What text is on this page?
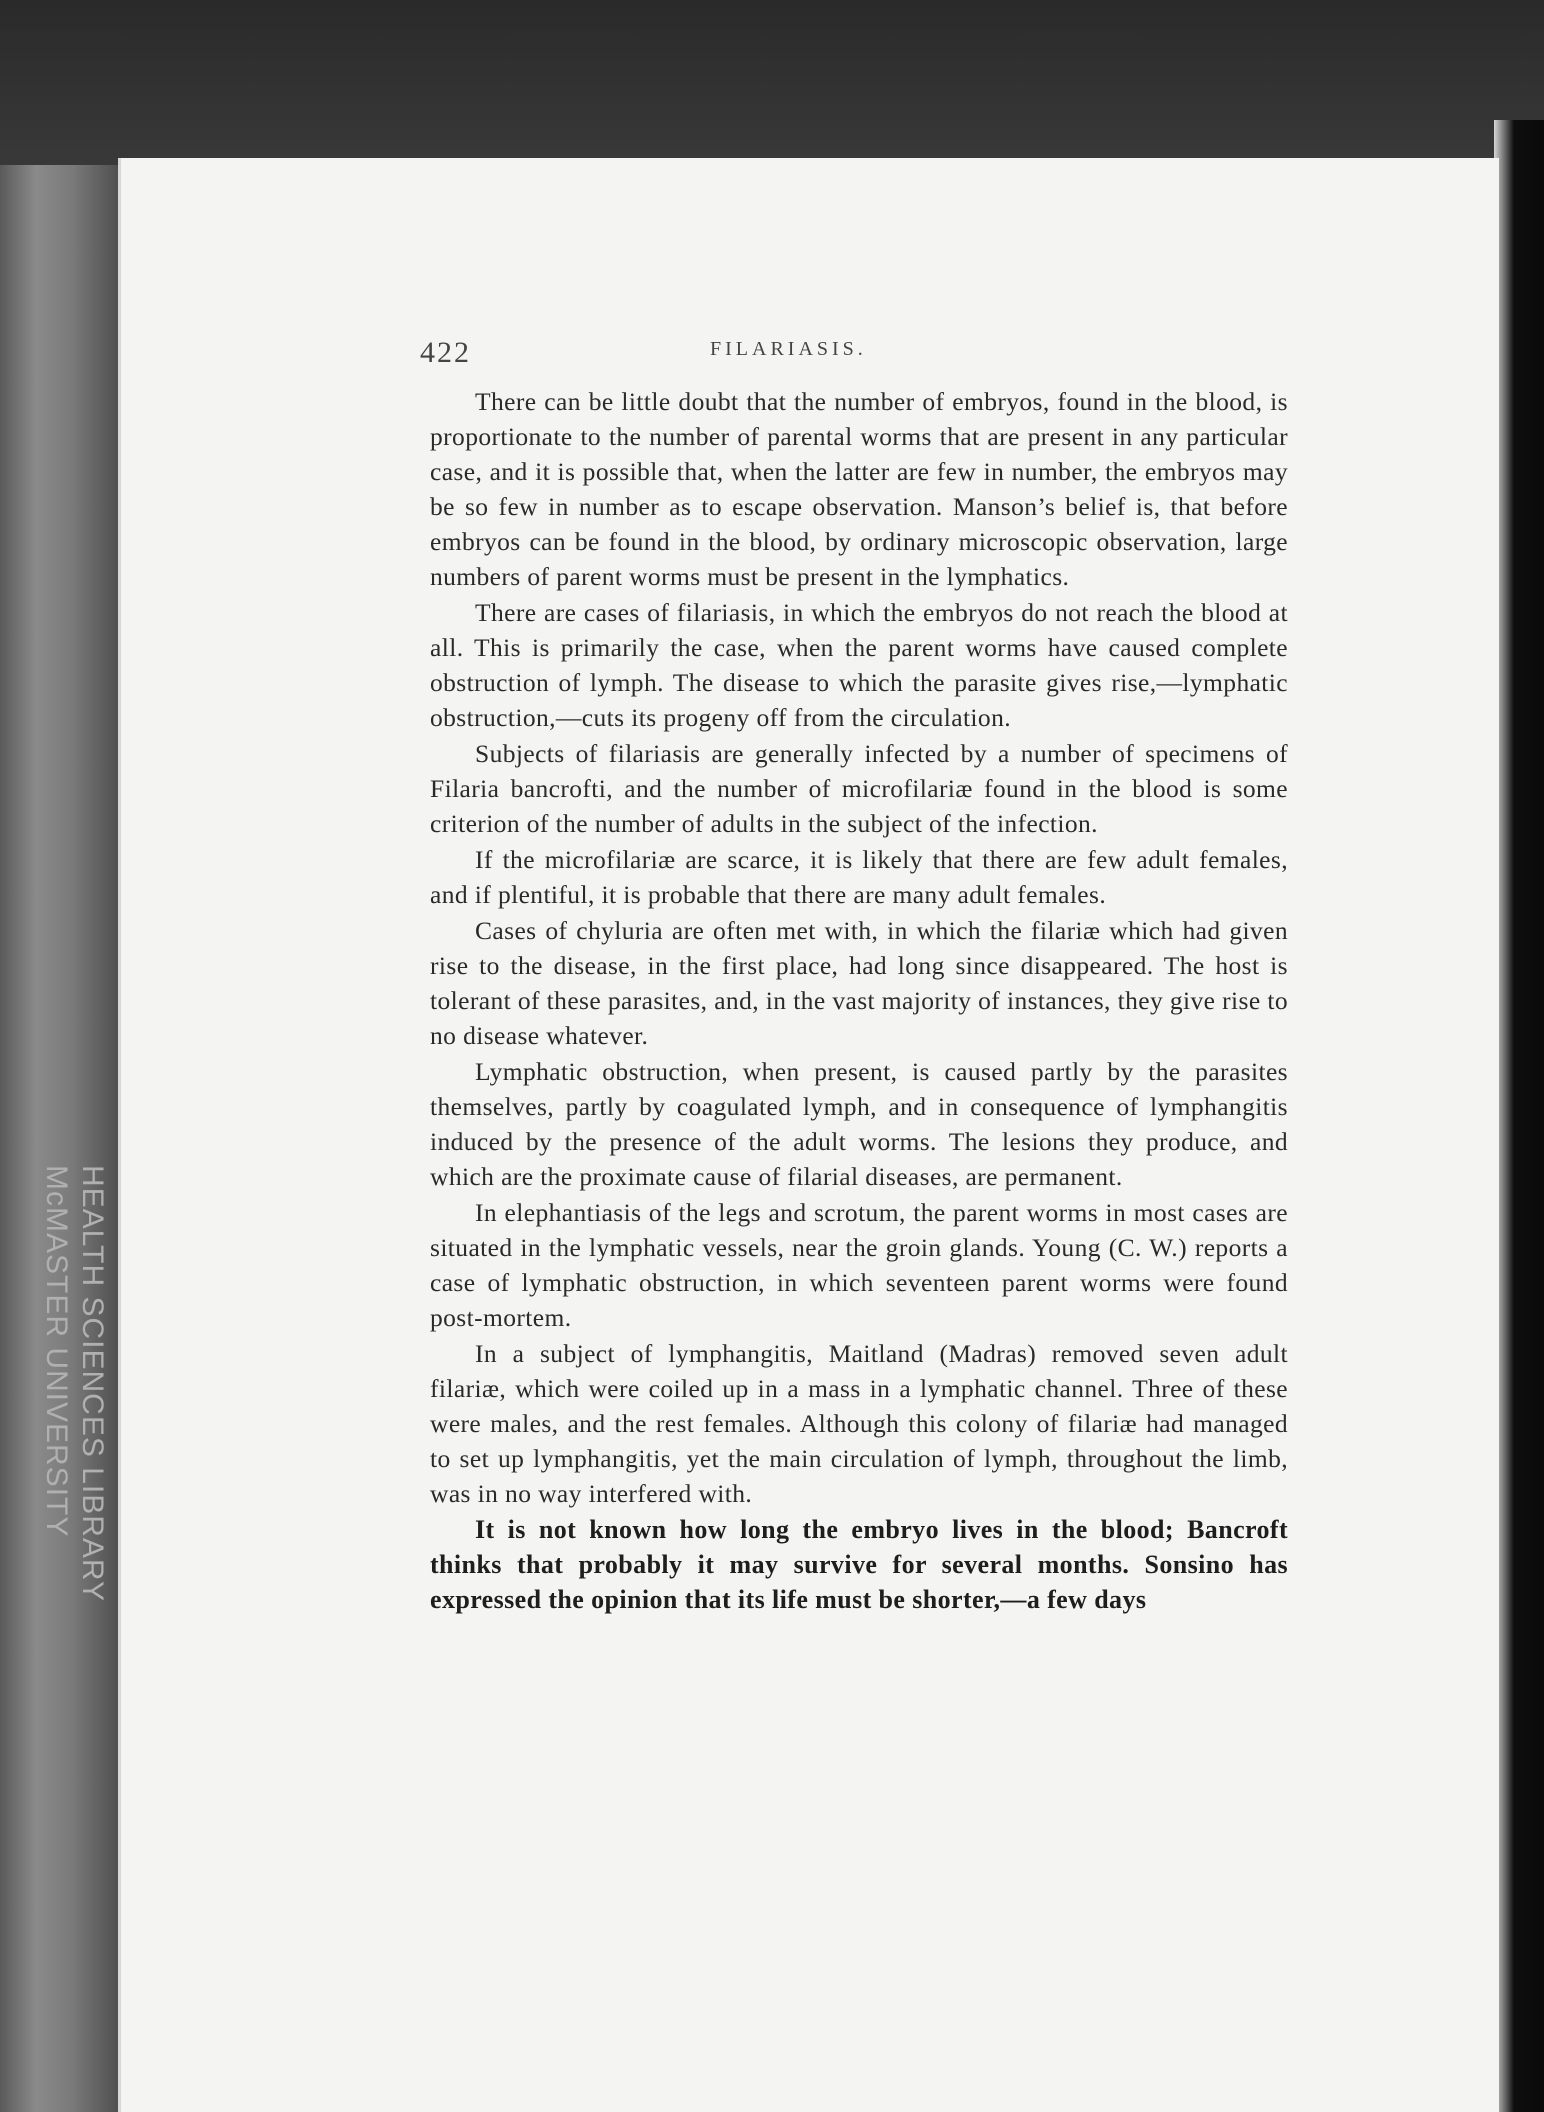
HEALTH SCIENCES LIBRARY
McMASTER UNIVERSITY
422	FILARIASIS.

There can be little doubt that the number of embryos, found in the blood, is proportionate to the number of parental worms that are present in any particular case, and it is possible that, when the latter are few in number, the embryos may be so few in number as to escape observation. Manson’s belief is, that before embryos can be found in the blood, by ordinary microscopic observation, large numbers of parent worms must be present in the lymphatics.

There are cases of filariasis, in which the embryos do not reach the blood at all. This is primarily the case, when the parent worms have caused complete obstruction of lymph. The disease to which the parasite gives rise,—lymphatic obstruction,—cuts its progeny off from the circulation.

Subjects of filariasis are generally infected by a number of specimens of Filaria bancrofti, and the number of microfilariæ found in the blood is some criterion of the number of adults in the subject of the infection.

If the microfilariæ are scarce, it is likely that there are few adult females, and if plentiful, it is probable that there are many adult females.

Cases of chyluria are often met with, in which the filariæ which had given rise to the disease, in the first place, had long since disappeared. The host is tolerant of these parasites, and, in the vast majority of instances, they give rise to no disease whatever.

Lymphatic obstruction, when present, is caused partly by the parasites themselves, partly by coagulated lymph, and in consequence of lymphangitis induced by the presence of the adult worms. The lesions they produce, and which are the proximate cause of filarial diseases, are permanent.

In elephantiasis of the legs and scrotum, the parent worms in most cases are situated in the lymphatic vessels, near the groin glands. Young (C. W.) reports a case of lymphatic obstruction, in which seventeen parent worms were found post-mortem.

In a subject of lymphangitis, Maitland (Madras) removed seven adult filariæ, which were coiled up in a mass in a lymphatic channel. Three of these were males, and the rest females. Although this colony of filariæ had managed to set up lymphangitis, yet the main circulation of lymph, throughout the limb, was in no way interfered with.

It is not known how long the embryo lives in the blood; Bancroft thinks that probably it may survive for several months. Sonsino has expressed the opinion that its life must be shorter,—a few days
